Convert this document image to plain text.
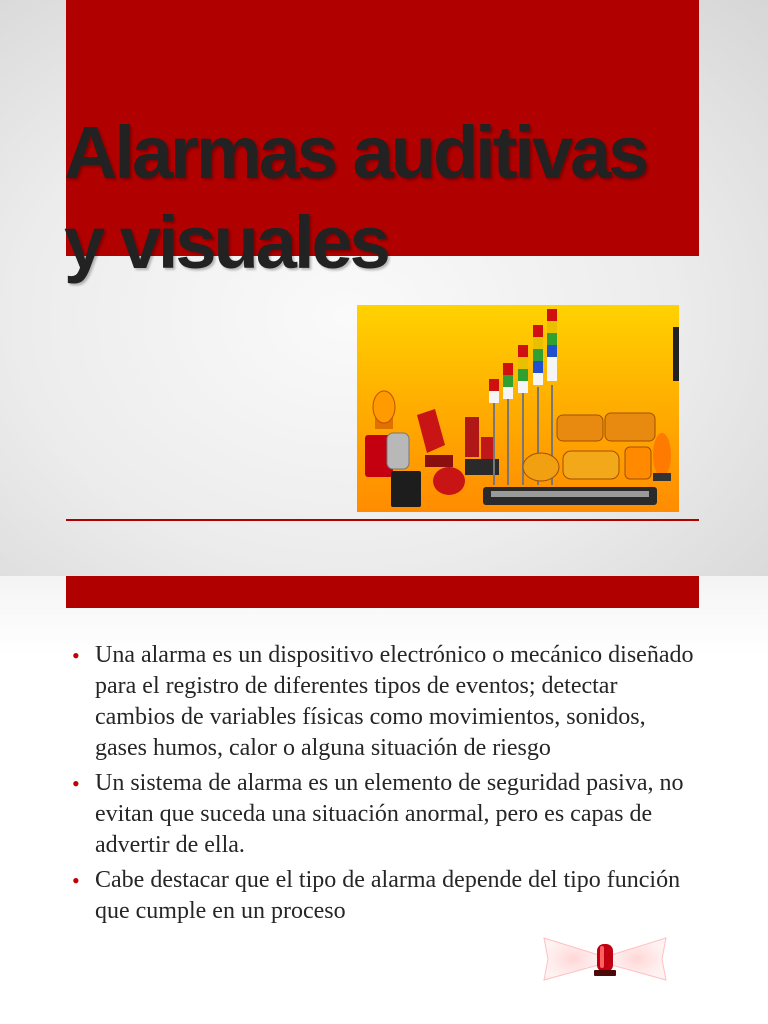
Alarmas auditivas
y visuales
• Una alarma es un dispositivo electrónico o mecánico diseñado para el registro de diferentes tipos de eventos; detectar cambios de variables físicas como movimientos, sonidos, gases humos, calor o alguna situación de riesgo
• Un sistema de alarma es un elemento de seguridad pasiva, no evitan que suceda una situación anormal, pero es capas de advertir de ella.
• Cabe destacar que el tipo de alarma depende del tipo función que cumple en un proceso
